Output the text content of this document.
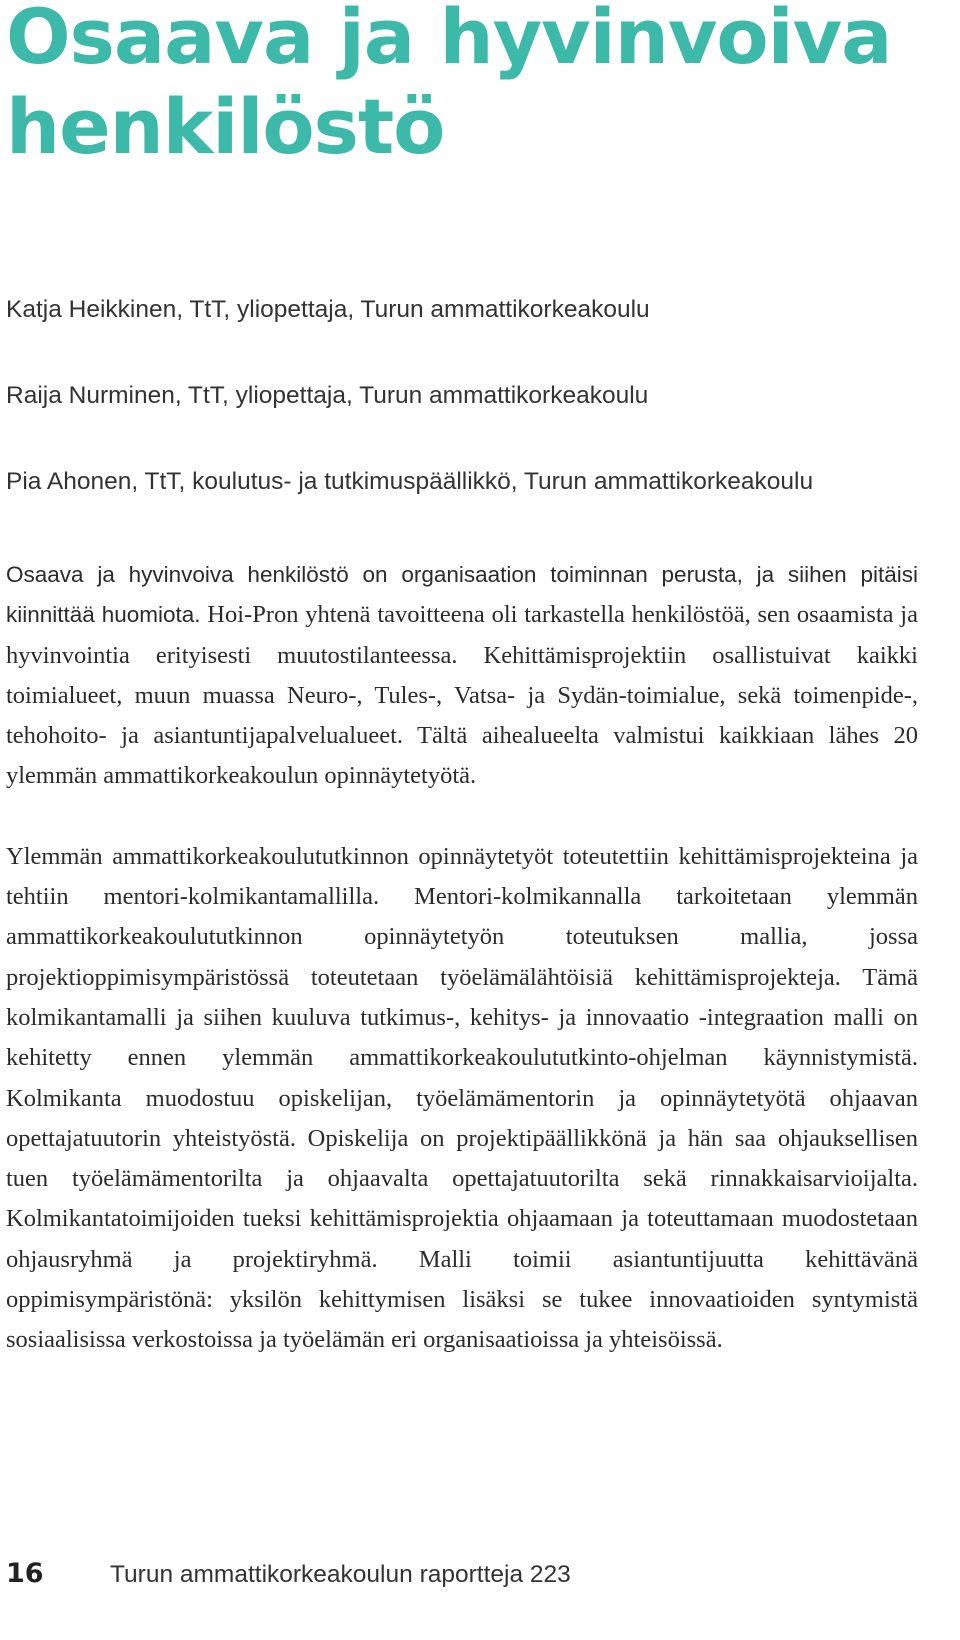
Osaava ja hyvinvoiva henkilöstö
Katja Heikkinen, TtT, yliopettaja, Turun ammattikorkeakoulu
Raija Nurminen, TtT, yliopettaja, Turun ammattikorkeakoulu
Pia Ahonen, TtT, koulutus- ja tutkimuspäällikkö, Turun ammattikorkeakoulu

Osaava ja hyvinvoiva henkilöstö on organisaation toiminnan perusta, ja siihen pitäisi kiinnittää huomiota. Hoi-Pron yhtenä tavoitteena oli tarkastella henkilöstöä, sen osaamista ja hyvinvointia erityisesti muutostilanteessa. Kehittämisprojektiin osallistuivat kaikki toimialueet, muun muassa Neuro-, Tules-, Vatsa- ja Sydän-toimialue, sekä toimenpide-, tehohoito- ja asiantuntijapalvelualueet. Tältä aihealueelta valmistui kaikkiaan lähes 20 ylemmän ammattikorkeakoulun opinnäytetyötä.

Ylemmän ammattikorkeakoulututkinnon opinnäytetyöt toteutettiin kehittämisprojekteina ja tehtiin mentori-kolmikantamallilla. Mentori-kolmikannalla tarkoitetaan ylemmän ammattikorkeakoulututkinnon opinnäytetyön toteutuksen mallia, jossa projektioppimisympäristössä toteutetaan työelämälähtöisiä kehittämisprojekteja. Tämä kolmikantamalli ja siihen kuuluva tutkimus-, kehitys- ja innovaatio -integraation malli on kehitetty ennen ylemmän ammattikorkeakoulututkinto-ohjelman käynnistymistä. Kolmikanta muodostuu opiskelijan, työelämämentorin ja opinnäytetyötä ohjaavan opettajatuutorin yhteistyöstä. Opiskelija on projektipäällikkönä ja hän saa ohjauksellisen tuen työelämämentorilta ja ohjaavalta opettajatuutorilta sekä rinnakkaisarvioijalta. Kolmikantatoimijoiden tueksi kehittämisprojektia ohjaamaan ja toteuttamaan muodostetaan ohjausryhmä ja projektiryhmä. Malli toimii asiantuntijuutta kehittävänä oppimisympäristönä: yksilön kehittymisen lisäksi se tukee innovaatioiden syntymistä sosiaalisissa verkostoissa ja työelämän eri organisaatioissa ja yhteisöissä.

16	Turun ammattikorkeakoulun raportteja 223
